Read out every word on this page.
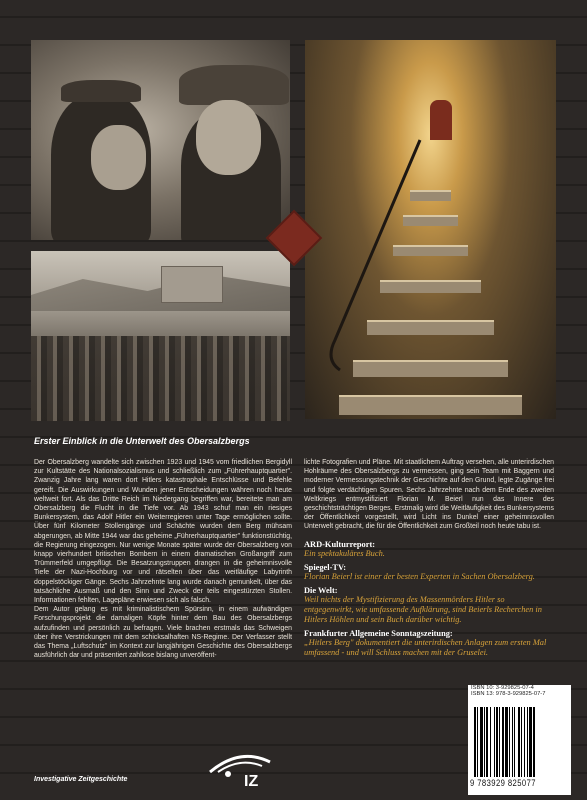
Erster Einblick in die Unterwelt des Obersalzbergs
Der Obersalzberg wandelte sich zwischen 1923 und 1945 vom friedlichen Bergidyll zur Kultstätte des Nationalsozialismus und schließlich zum „Führerhauptquartier". Zwanzig Jahre lang waren dort Hitlers katastrophale Entschlüsse und Befehle gereift. Die Auswirkungen und Wunden jener Entscheidungen währen noch heute weltweit fort. Als das Dritte Reich im Niedergang begriffen war, bereitete man am Obersalzberg die Flucht in die Tiefe vor. Ab 1943 schuf man ein riesiges Bunkersystem, das Adolf Hitler ein Weiterregieren unter Tage ermöglichen sollte. Über fünf Kilometer Stollengänge und Schächte wurden dem Berg mühsam abgerungen, ab Mitte 1944 war das geheime „Führerhauptquartier" funktionstüchtig, die Regierung eingezogen. Nur wenige Monate später wurde der Obersalzberg von knapp vierhundert britischen Bombern in einem dramatischen Großangriff zum Trümmerfeld umgepflügt. Die Besatzungstruppen drangen in die geheimnisvolle Tiefe der Nazi-Hochburg vor und rätselten über das weitläufige Labyrinth doppelstöckiger Gänge. Sechs Jahrzehnte lang wurde danach gemunkelt, über das tatsächliche Ausmaß und den Sinn und Zweck der teils eingestürzten Stollen. Informationen fehlten, Lagepläne erwiesen sich als falsch.
Dem Autor gelang es mit kriminalistischem Spürsinn, in einem aufwändigen Forschungsprojekt die damaligen Köpfe hinter dem Bau des Obersalzbergs aufzufinden und persönlich zu befragen. Viele brachen erstmals das Schweigen über ihre Verstrickungen mit dem schicksalhaften NS-Regime. Der Verfasser stellt das Thema „Luftschutz" im Kontext zur langjährigen Geschichte des Obersalzbergs ausführlich dar und präsentiert zahllose bislang unveröffent-
lichte Fotografien und Pläne. Mit staatlichem Auftrag versehen, alle unterirdischen Hohlräume des Obersalzbergs zu vermessen, ging sein Team mit Baggern und moderner Vermessungstechnik der Geschichte auf den Grund, legte Zugänge frei und folgte verdächtigen Spuren. Sechs Jahrzehnte nach dem Ende des zweiten Weltkriegs entmystifiziert Florian M. Beierl nun das Innere des geschichtsträchtigen Berges. Erstmalig wird die Weitläufigkeit des Bunkersystems der Öffentlichkeit vorgestellt, wird Licht ins Dunkel einer geheimnisvollen Unterwelt gebracht, die für die Öffentlichkeit zum Großteil noch heute tabu ist.
ARD-Kulturreport:
Ein spektakuläres Buch.
Spiegel-TV:
Florian Beierl ist einer der besten Experten in Sachen Obersalzberg.
Die Welt:
Weil nichts der Mystifizierung des Massenmörders Hitler so entgegenwirkt, wie umfassende Aufklärung, sind Beierls Recherchen in Hitlers Höhlen und sein Buch darüber wichtig.
Frankfurter Allgemeine Sonntagszeitung:
„Hitlers Berg" dokumentiert die unterirdischen Anlagen zum ersten Mal umfassend - und will Schluss machen mit der Gruselei.
ISBN 10: 3-929825-07-4
ISBN 13: 978-3-929825-07-7
9 783929 825077
IZ
Investigative Zeitgeschichte
